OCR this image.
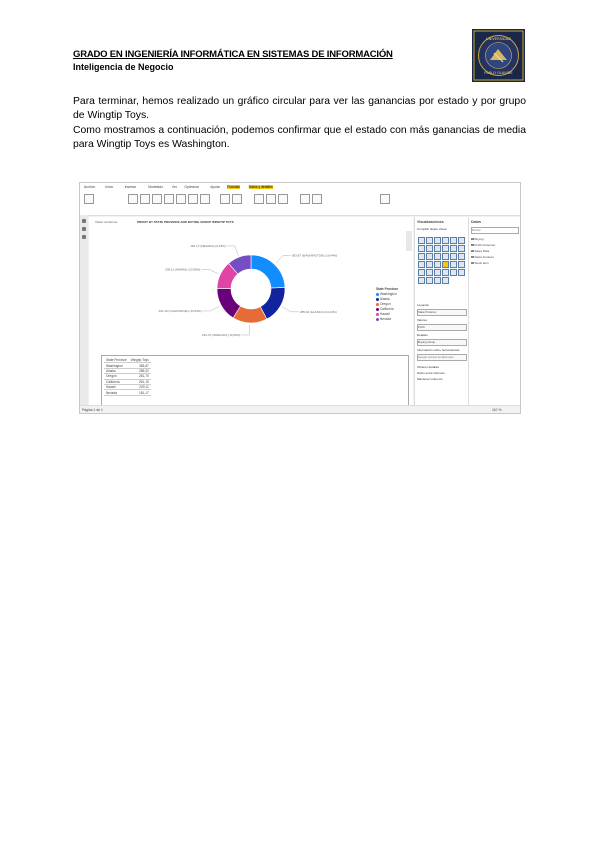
GRADO EN INGENIERÍA INFORMÁTICA EN SISTEMAS DE INFORMACIÓN
Inteligencia de Negocio
UNIVERSIDAD
PABLO OLAVIDE

Para terminar, hemos realizado un gráfico circular para ver las ganancias por estado y por grupo de Wingtip Toys.

Como mostramos a continuación, podemos confirmar que el estado con más ganancias de media para Wingtip Toys es Washington.

Archivo	Inicio	Insertar	Modelado	Ver Optimizar	Ayuda Formato	Datos y detalles
Volver al informe	PROFIT BY STATE PROVINCE AND BUYING GROUP WINGTIP TOYS
383,87 (WASHINGTON) (19,44%)
285,02 (ALASKA) (14,44%)
261,70 (OREGON) (13,26%)
261,19 (CALIFORNIA) (13,23%)
209,11 (HAWAII) (10,59%)
181,17 (NEVADA) (9,18%)
State Province
Washington
Alaska
Oregon
California
Hawaii
Nevada
State Province	Wingtip Toys
Washington	383,87
Alaska	285,02
Oregon	261,70
California	261,19
Hawaii	209,11
Nevada	181,17
Visualizaciones
Compilar objeto visual
Leyenda
State Province
Valores
Profit
Detalles
Buying Group
Información sobre herramientas
Agregar campos de datos aquí
Obtener detalles
Datos entre informes
Mantener todos los
Datos
Buscar
Buying
Profit Customer
Sales Data
Sales Invoices
Stock Item
Página 1 de 1	110 %
